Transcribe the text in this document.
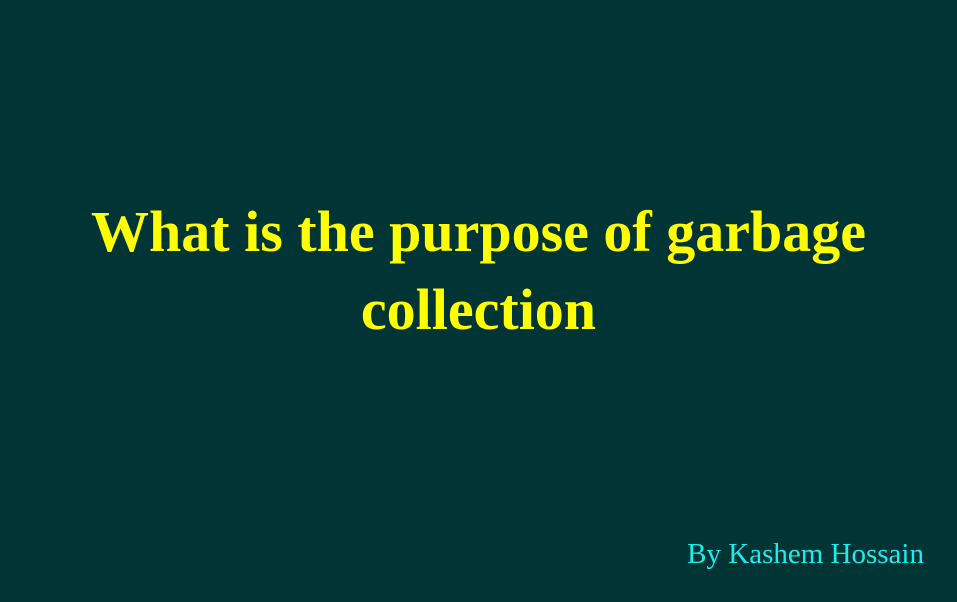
What is the purpose of garbage
collection

By Kashem Hossain
